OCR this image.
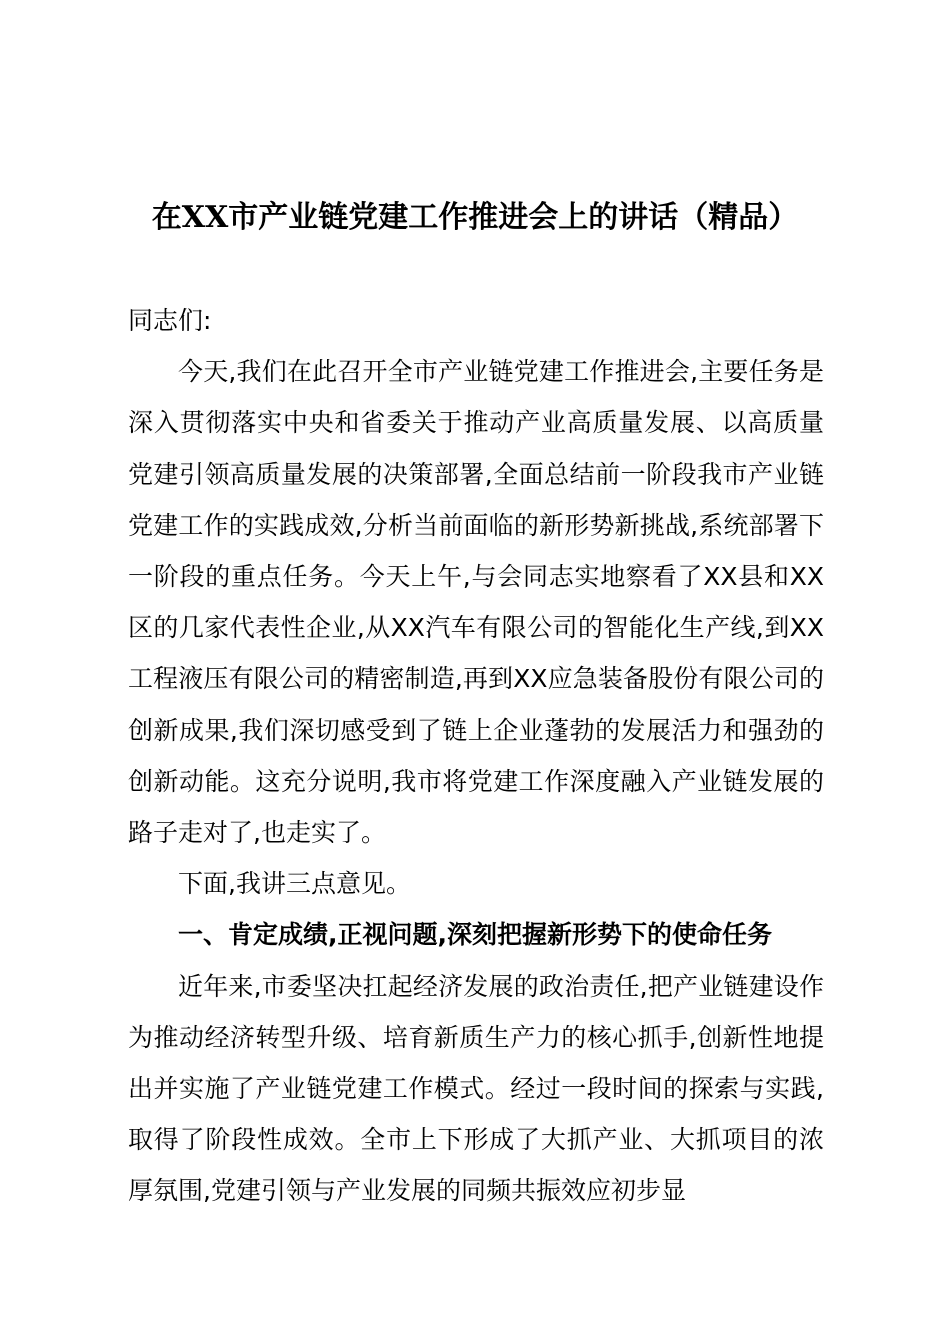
在XX市产业链党建工作推进会上的讲话（精品）

同志们:

今天,我们在此召开全市产业链党建工作推进会,主要任务是深入贯彻落实中央和省委关于推动产业高质量发展、以高质量党建引领高质量发展的决策部署,全面总结前一阶段我市产业链党建工作的实践成效,分析当前面临的新形势新挑战,系统部署下一阶段的重点任务。今天上午,与会同志实地察看了XX县和XX区的几家代表性企业,从XX汽车有限公司的智能化生产线,到XX工程液压有限公司的精密制造,再到XX应急装备股份有限公司的创新成果,我们深切感受到了链上企业蓬勃的发展活力和强劲的创新动能。这充分说明,我市将党建工作深度融入产业链发展的路子走对了,也走实了。

下面,我讲三点意见。

一、肯定成绩,正视问题,深刻把握新形势下的使命任务

近年来,市委坚决扛起经济发展的政治责任,把产业链建设作为推动经济转型升级、培育新质生产力的核心抓手,创新性地提出并实施了产业链党建工作模式。经过一段时间的探索与实践,取得了阶段性成效。全市上下形成了大抓产业、大抓项目的浓厚氛围,党建引领与产业发展的同频共振效应初步显
